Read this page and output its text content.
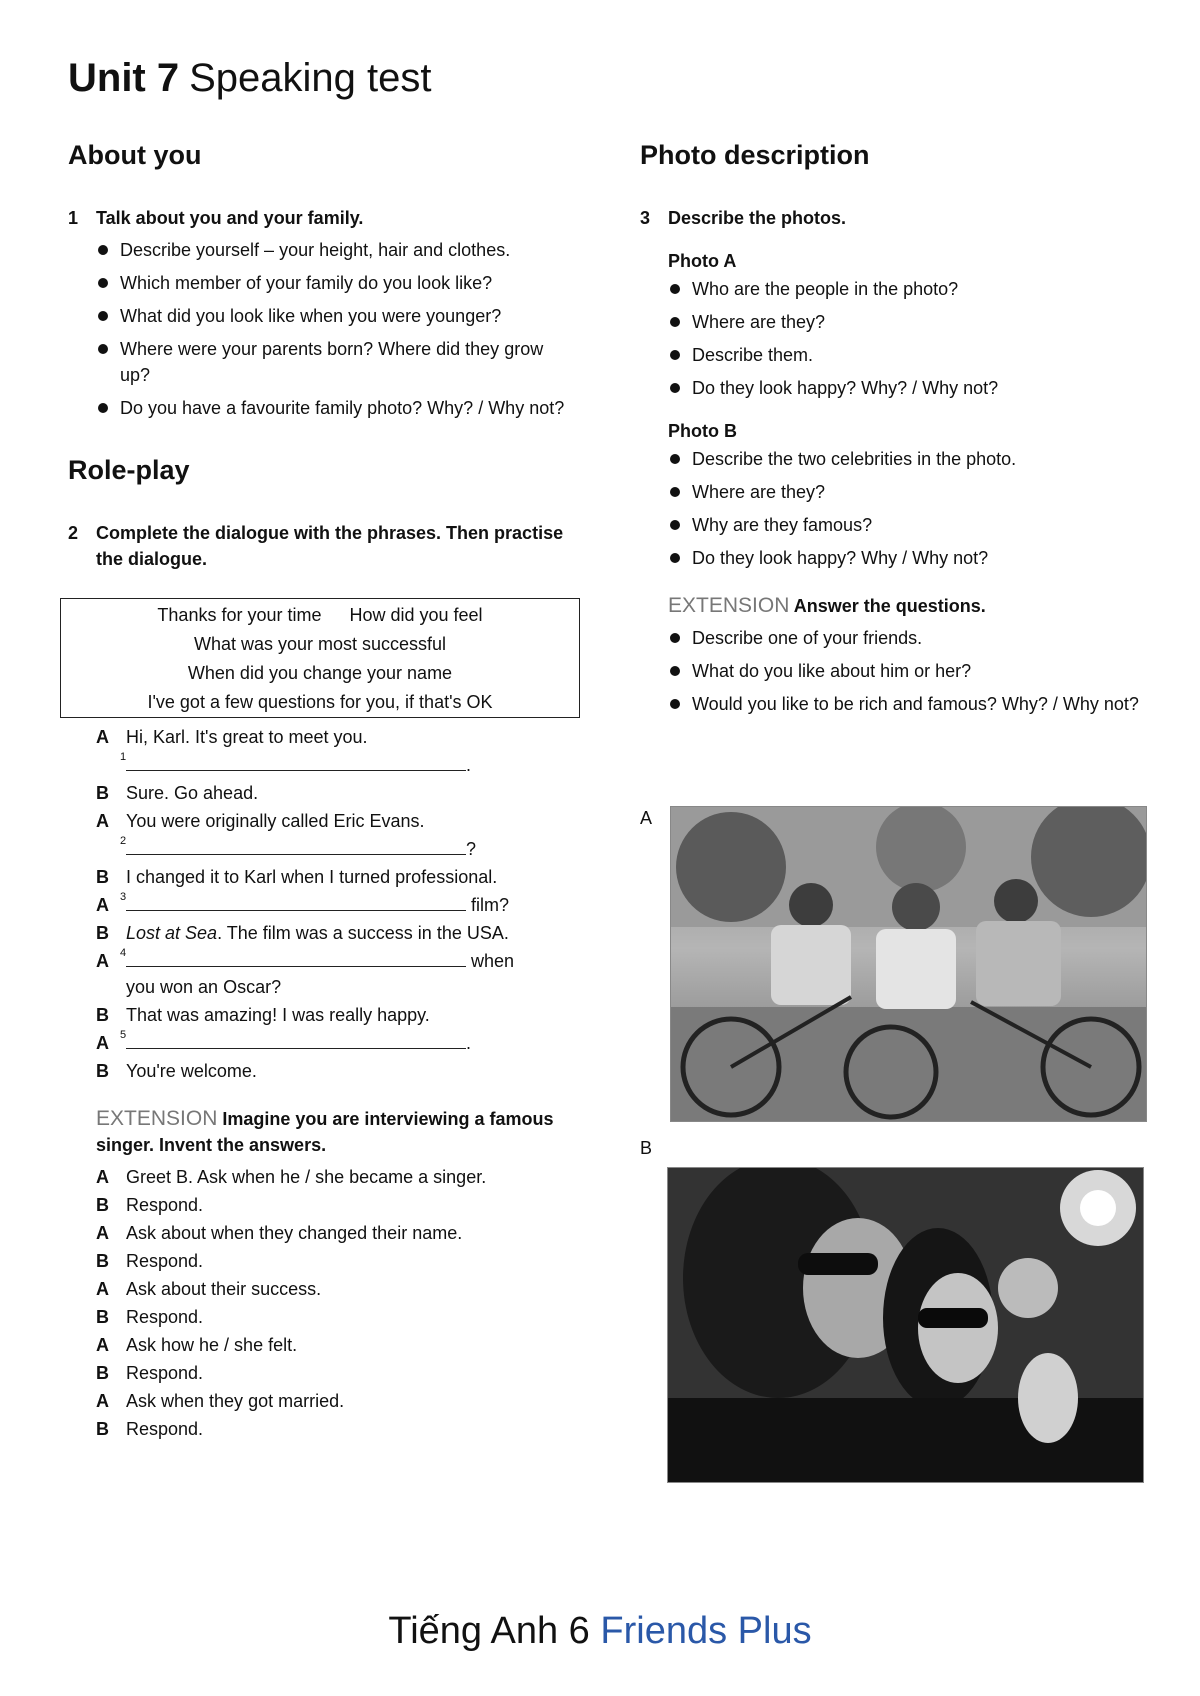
Unit 7 Speaking test
About you
1 Talk about you and your family.
Describe yourself – your height, hair and clothes.
Which member of your family do you look like?
What did you look like when you were younger?
Where were your parents born? Where did they grow up?
Do you have a favourite family photo? Why? / Why not?
Role-play
2 Complete the dialogue with the phrases. Then practise the dialogue.
Thanks for your time How did you feel
What was your most successful
When did you change your name
I've got a few questions for you, if that's OK
A Hi, Karl. It's great to meet you.
1	.
B Sure. Go ahead.
A You were originally called Eric Evans.
2	?
B I changed it to Karl when I turned professional.
A	3	film?
B Lost at Sea. The film was a success in the USA.
A	4	when
you won an Oscar?
B That was amazing! I was really happy.
A	5	.
B You're welcome.
EXTENSION Imagine you are interviewing a famous singer. Invent the answers.
A Greet B. Ask when he / she became a singer.
B Respond.
A Ask about when they changed their name.
B Respond.
A Ask about their success.
B Respond.
A Ask how he / she felt.
B Respond.
A Ask when they got married.
B Respond.
Photo description
3 Describe the photos.
Photo A
Who are the people in the photo?
Where are they?
Describe them.
Do they look happy? Why? / Why not?
Photo B
Describe the two celebrities in the photo.
Where are they?
Why are they famous?
Do they look happy? Why / Why not?
EXTENSION Answer the questions.
Describe one of your friends.
What do you like about him or her?
Would you like to be rich and famous? Why? / Why not?
A
B
Tiếng Anh 6 Friends Plus
